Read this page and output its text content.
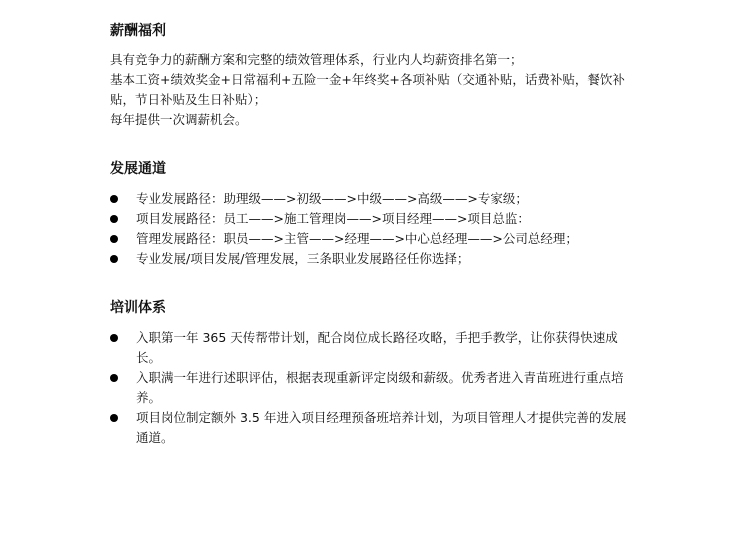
薪酬福利

具有竞争力的薪酬方案和完整的绩效管理体系，行业内人均薪资排名第一；

基本工资+绩效奖金+日常福利+五险一金+年终奖+各项补贴（交通补贴，话费补贴，餐饮补贴，节日补贴及生日补贴）；

每年提供一次调薪机会。

发展通道
专业发展路径：助理级——>初级——>中级——>高级——>专家级；
项目发展路径：员工——>施工管理岗——>项目经理——>项目总监：
管理发展路径：职员——>主管——>经理——>中心总经理——>公司总经理；
专业发展/项目发展/管理发展，三条职业发展路径任你选择；
培训体系
入职第一年 365 天传帮带计划，配合岗位成长路径攻略，手把手教学，让你获得快速成长。
入职满一年进行述职评估，根据表现重新评定岗级和薪级。优秀者进入青苗班进行重点培养。
项目岗位制定额外 3.5 年进入项目经理预备班培养计划，为项目管理人才提供完善的发展通道。
